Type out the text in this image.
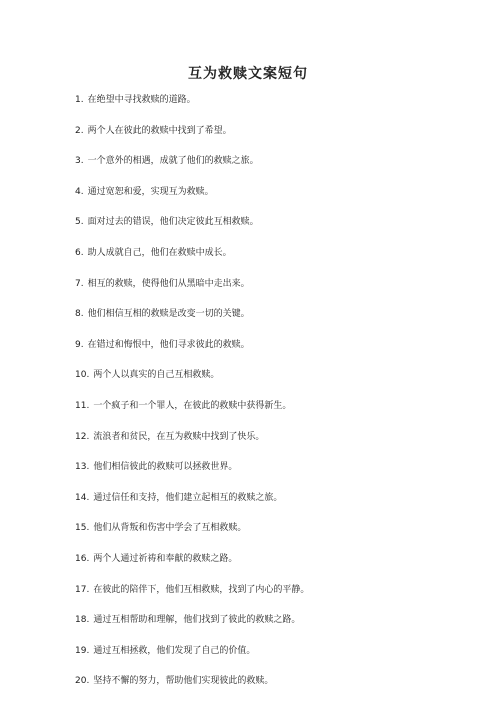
互为救赎文案短句
1. 在绝望中寻找救赎的道路。
2. 两个人在彼此的救赎中找到了希望。
3. 一个意外的相遇，成就了他们的救赎之旅。
4. 通过宽恕和爱，实现互为救赎。
5. 面对过去的错误，他们决定彼此互相救赎。
6. 助人成就自己，他们在救赎中成长。
7. 相互的救赎，使得他们从黑暗中走出来。
8. 他们相信互相的救赎是改变一切的关键。
9. 在错过和悔恨中，他们寻求彼此的救赎。
10. 两个人以真实的自己互相救赎。
11. 一个疯子和一个罪人，在彼此的救赎中获得新生。
12. 流浪者和贫民，在互为救赎中找到了快乐。
13. 他们相信彼此的救赎可以拯救世界。
14. 通过信任和支持，他们建立起相互的救赎之旅。
15. 他们从背叛和伤害中学会了互相救赎。
16. 两个人通过祈祷和奉献的救赎之路。
17. 在彼此的陪伴下，他们互相救赎，找到了内心的平静。
18. 通过互相帮助和理解，他们找到了彼此的救赎之路。
19. 通过互相拯救，他们发现了自己的价值。
20. 坚持不懈的努力，帮助他们实现彼此的救赎。
